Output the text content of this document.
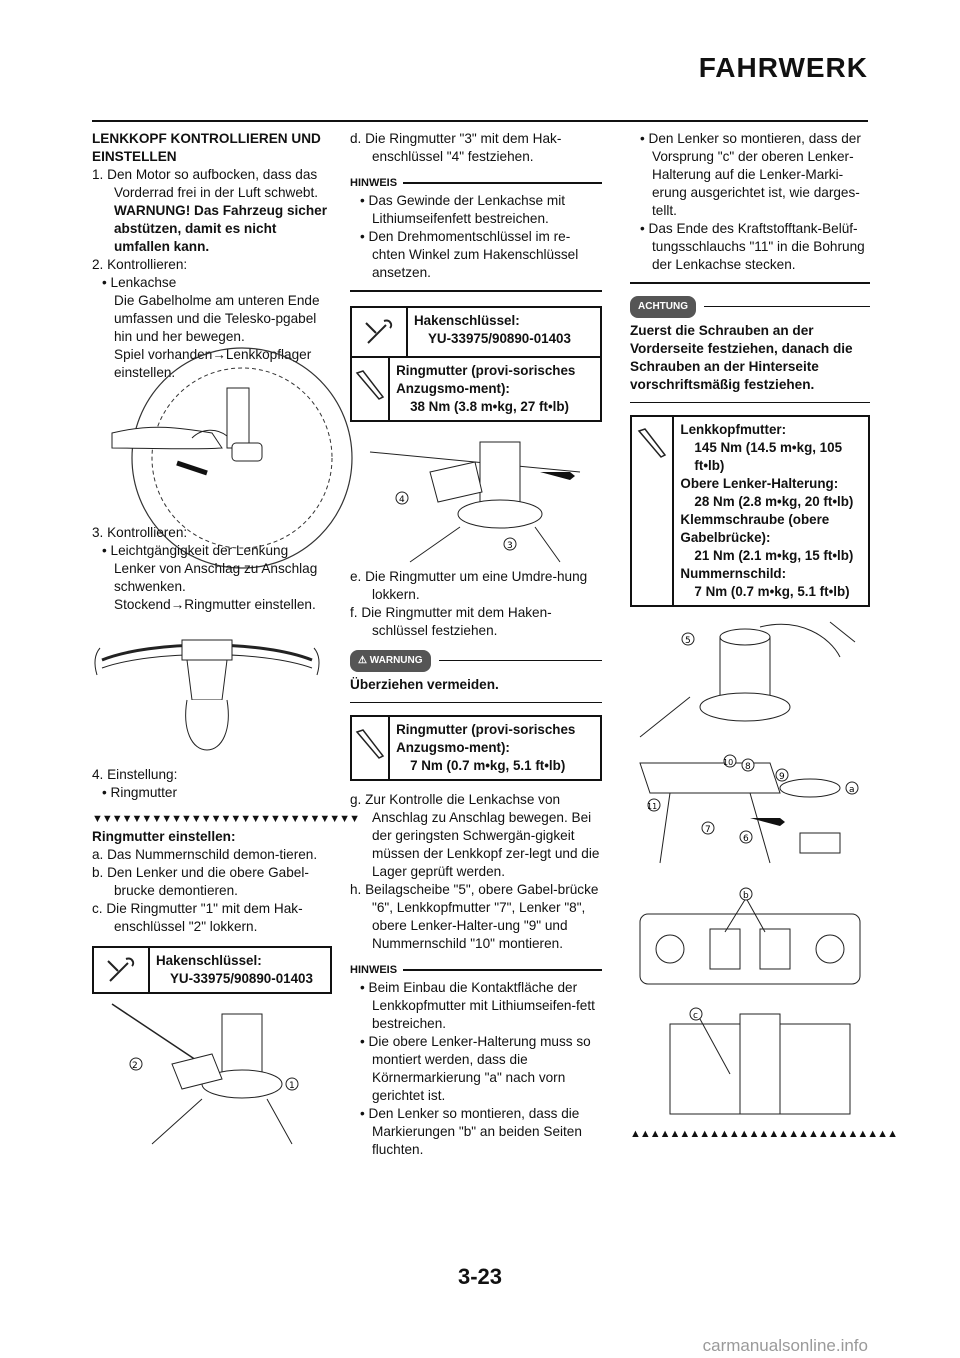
FAHRWERK
LENKKOPF KONTROLLIEREN UND EINSTELLEN
1. Den Motor so aufbocken, dass das Vorderrad frei in der Luft schwebt. WARNUNG! Das Fahrzeug sicher abstützen, damit es nicht umfallen kann.
2. Kontrollieren:
• Lenkachse
Die Gabelholme am unteren Ende umfassen und die Telesko-pgabel hin und her bewegen.
Spiel vorhanden→Lenkkopflager einstellen.
3. Kontrollieren:
• Leichtgängigkeit der Lenkung
Lenker von Anschlag zu Anschlag schwenken.
Stockend→Ringmutter einstellen.
4. Einstellung:
• Ringmutter
▼▼▼▼▼▼▼▼▼▼▼▼▼▼▼▼▼▼▼▼▼▼▼▼▼▼▼
Ringmutter einstellen:
a. Das Nummernschild demon-tieren.
b. Den Lenker und die obere Gabel-brucke demontieren.
c. Die Ringmutter "1" mit dem Hak-enschlüssel "2" lokkern.
Hakenschlüssel:
YU-33975/90890-01403
2
1
d. Die Ringmutter "3" mit dem Hak-enschlüssel "4" festziehen.
HINWEIS
• Das Gewinde der Lenkachse mit Lithiumseifenfett bestreichen.
• Den Drehmomentschlüssel im re-chten Winkel zum Hakenschlüssel ansetzen.
Hakenschlüssel:
YU-33975/90890-01403
Ringmutter (provi-sorisches Anzugsmo-ment):
38 Nm (3.8 m•kg, 27 ft•lb)
4
3
e. Die Ringmutter um eine Umdre-hung lokkern.
f. Die Ringmutter mit dem Haken-schlüssel festziehen.
⚠ WARNUNG
Überziehen vermeiden.
Ringmutter (provi-sorisches Anzugsmo-ment):
7 Nm (0.7 m•kg, 5.1 ft•lb)
g. Zur Kontrolle die Lenkachse von Anschlag zu Anschlag bewegen. Bei der geringsten Schwergän-gigkeit müssen der Lenkkopf zer-legt und die Lager geprüft werden.
h. Beilagscheibe "5", obere Gabel-brücke "6", Lenkkopfmutter "7", Lenker "8", obere Lenker-Halter-ung "9" und Nummernschild "10" montieren.
HINWEIS
• Beim Einbau die Kontaktfläche der Lenkkopfmutter mit Lithiumseifen-fett bestreichen.
• Die obere Lenker-Halterung muss so montiert werden, dass die Körnermarkierung "a" nach vorn gerichtet ist.
• Den Lenker so montieren, dass die Markierungen "b" an beiden Seiten fluchten.
• Den Lenker so montieren, dass der Vorsprung "c" der oberen Lenker-Halterung auf die Lenker-Marki-erung ausgerichtet ist, wie darges-tellt.
• Das Ende des Kraftstofftank-Belüf-tungsschlauchs "11" in die Bohrung der Lenkachse stecken.
ACHTUNG
Zuerst die Schrauben an der Vorderseite festziehen, danach die Schrauben an der Hinterseite vorschriftsmäßig festziehen.
Lenkkopfmutter:
145 Nm (14.5 m•kg, 105 ft•lb)
Obere Lenker-Halterung:
28 Nm (2.8 m•kg, 20 ft•lb)
Klemmschraube (obere Gabelbrücke):
21 Nm (2.1 m•kg, 15 ft•lb)
Nummernschild:
7 Nm (0.7 m•kg, 5.1 ft•lb)
5
10 8
9
a
11
7
6
b
c
▲▲▲▲▲▲▲▲▲▲▲▲▲▲▲▲▲▲▲▲▲▲▲▲▲▲▲
3-23
carmanualsonline.info
